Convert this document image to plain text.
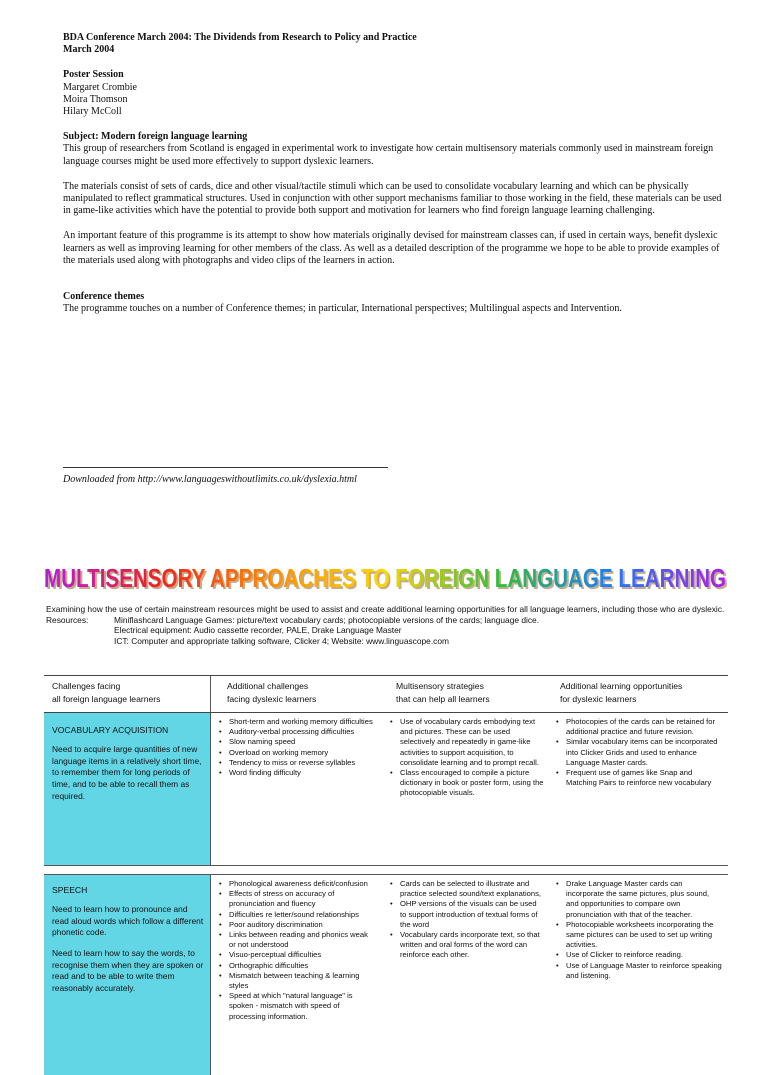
BDA Conference March 2004: The Dividends from Research to Policy and Practice

March 2004

Poster Session

Margaret Crombie

Moira Thomson

Hilary McColl

Subject: Modern foreign language learning

This group of researchers from Scotland is engaged in experimental work to investigate how certain multisensory materials commonly used in mainstream foreign language courses might be used more effectively to support dyslexic learners.

The materials consist of sets of cards, dice and other visual/tactile stimuli which can be used to consolidate vocabulary learning and which can be physically manipulated to reflect grammatical structures. Used in conjunction with other support mechanisms familiar to those working in the field, these materials can be used in game-like activities which have the potential to provide both support and motivation for learners who find foreign language learning challenging.

An important feature of this programme is its attempt to show how materials originally devised for mainstream classes can, if used in certain ways, benefit dyslexic learners as well as improving learning for other members of the class. As well as a detailed description of the programme we hope to be able to provide examples of the materials used along with photographs and video clips of the learners in action.

Conference themes

The programme touches on a number of Conference themes; in particular, International perspectives; Multilingual aspects and Intervention.

Downloaded from http://www.languageswithoutlimits.co.uk/dyslexia.html
MULTISENSORY APPROACHES TO FOREIGN LANGUAGE LEARNING
MULTISENSORY APPROACHES TO FOREIGN LANGUAGE LEARNING

Examining how the use of certain mainstream resources might be used to assist and create additional learning opportunities for all language learners, including those who are dyslexic.

Resources:	Miniflashcard Language Games: picture/text vocabulary cards; photocopiable versions of the cards; language dice.
Electrical equipment: Audio cassette recorder, PALE, Drake Language Master
ICT: Computer and appropriate talking software, Clicker 4; Website: www.linguascope.com
Challenges facing
all foreign language learners
Additional challenges
facing dyslexic learners
Multisensory strategies
that can help all learners
Additional learning opportunities
for dyslexic learners
VOCABULARY ACQUISITION

Need to acquire large quantities of new language items in a relatively short time, to remember them for long periods of time, and to be able to recall them as required.

• Short-term and working memory difficulties
• Auditory-verbal processing difficulties
• Slow naming speed
• Overload on working memory
• Tendency to miss or reverse syllables
• Word finding difficulty
• Use of vocabulary cards embodying text and pictures. These can be used selectively and repeatedly in game-like activities to support acquisition, to consolidate learning and to prompt recall.
• Class encouraged to compile a picture dictionary in book or poster form, using the photocopiable visuals.
• Photocopies of the cards can be retained for additional practice and future revision.
• Similar vocabulary items can be incorporated into Clicker Grids and used to enhance Language Master cards.
• Frequent use of games like Snap and Matching Pairs to reinforce new vocabulary
SPEECH

Need to learn how to pronounce and read aloud words which follow a different phonetic code.

Need to learn how to say the words, to recognise them when they are spoken or read and to be able to write them reasonably accurately.

• Phonological awareness deficit/confusion
• Effects of stress on accuracy of pronunciation and fluency
• Difficulties re letter/sound relationships
• Poor auditory discrimination
• Links between reading and phonics weak or not understood
• Visuo-perceptual difficulties
• Orthographic difficulties
• Mismatch between teaching & learning styles
• Speed at which "natural language" is spoken - mismatch with speed of processing information.
• Cards can be selected to illustrate and practice selected sound/text explanations,
• OHP versions of the visuals can be used to support introduction of textual forms of the word
• Vocabulary cards incorporate text, so that written and oral forms of the word can reinforce each other.
• Drake Language Master cards can incorporate the same pictures, plus sound, and opportunities to compare own pronunciation with that of the teacher.
• Photocopiable worksheets incorporating the same pictures can be used to set up writing activities.
• Use of Clicker to reinforce reading.
• Use of Language Master to reinforce speaking and listening.
